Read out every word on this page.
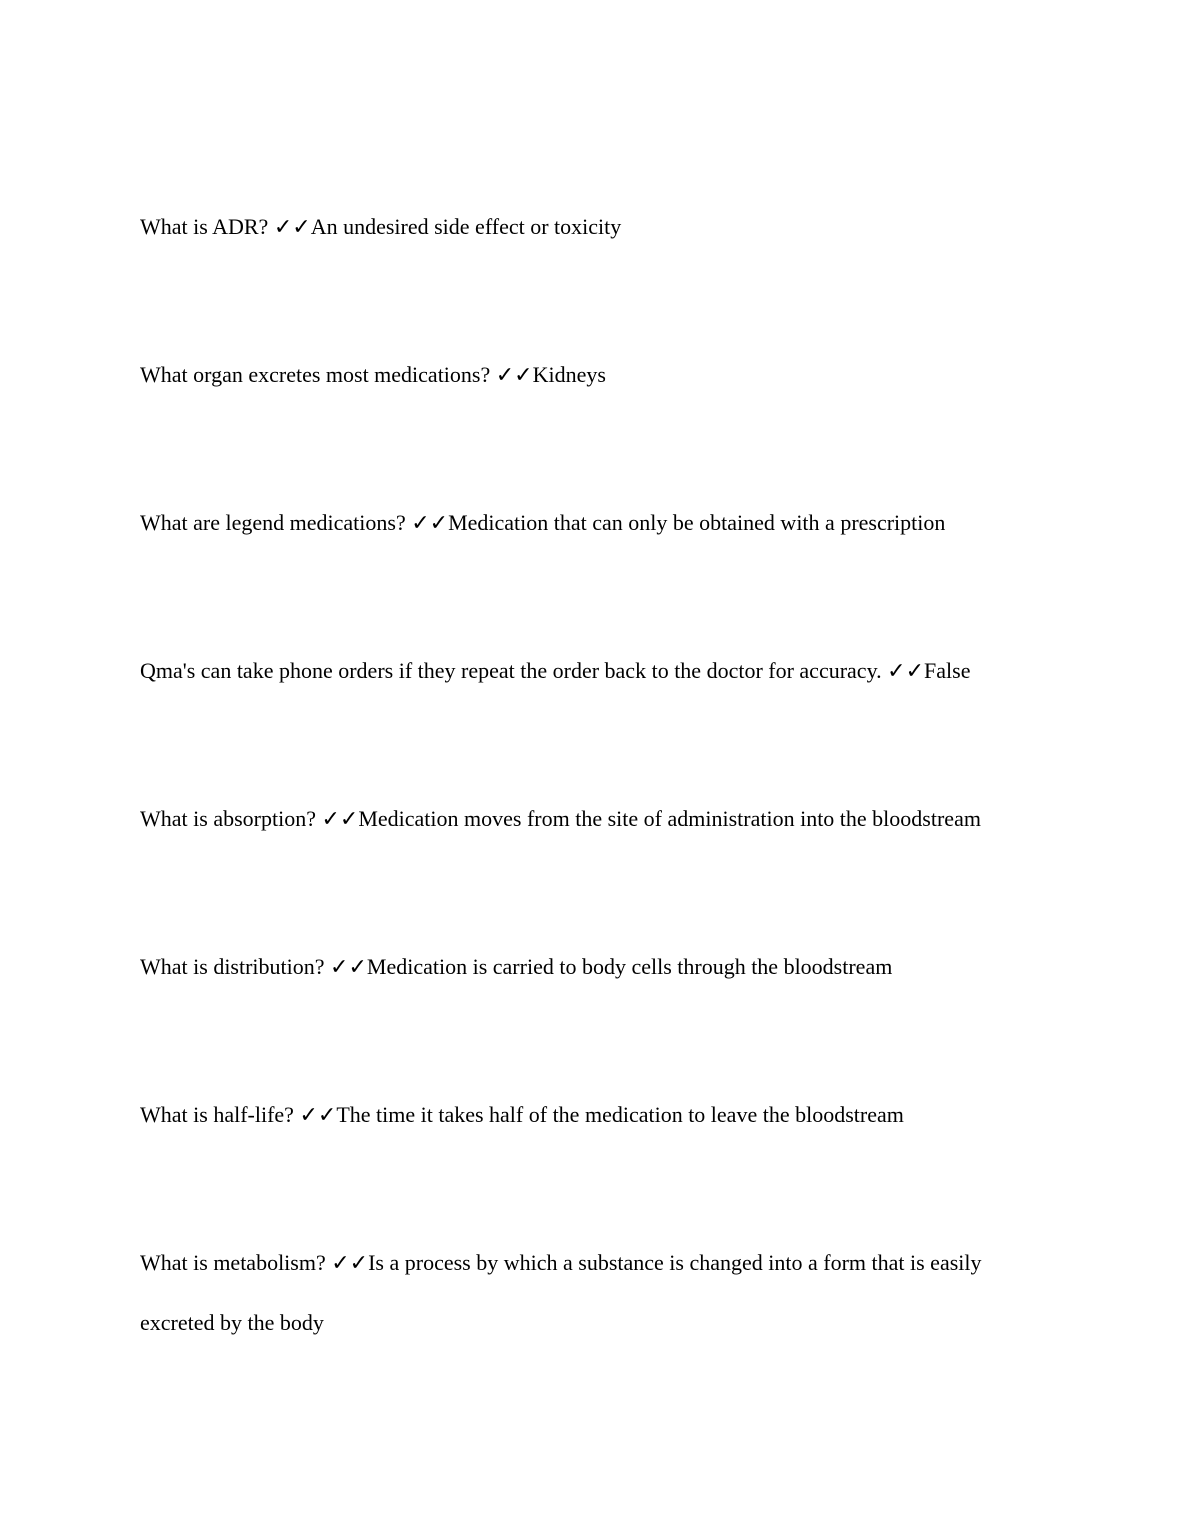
What is ADR? ✓✓An undesired side effect or toxicity
What organ excretes most medications? ✓✓Kidneys
What are legend medications? ✓✓Medication that can only be obtained with a prescription
Qma's can take phone orders if they repeat the order back to the doctor for accuracy. ✓✓False
What is absorption? ✓✓Medication moves from the site of administration into the bloodstream
What is distribution? ✓✓Medication is carried to body cells through the bloodstream
What is half-life? ✓✓The time it takes half of the medication to leave the bloodstream
What is metabolism? ✓✓Is a process by which a substance is changed into a form that is easily excreted by the body
